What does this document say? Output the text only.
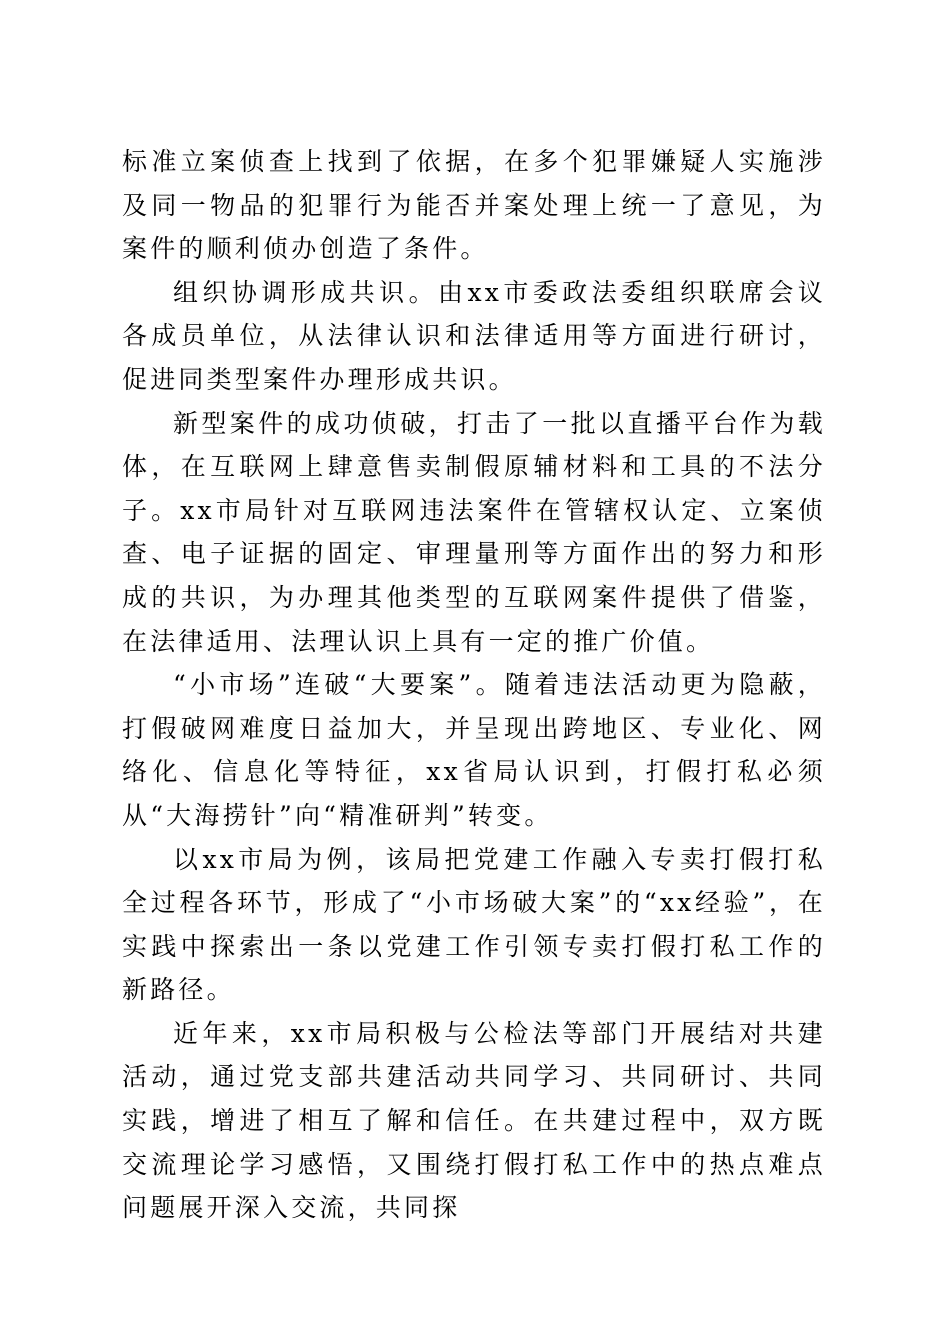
标准立案侦查上找到了依据，在多个犯罪嫌疑人实施涉及同一物品的犯罪行为能否并案处理上统一了意见，为案件的顺利侦办创造了条件。

组织协调形成共识。由xx市委政法委组织联席会议各成员单位，从法律认识和法律适用等方面进行研讨，促进同类型案件办理形成共识。

新型案件的成功侦破，打击了一批以直播平台作为载体，在互联网上肆意售卖制假原辅材料和工具的不法分子。xx市局针对互联网违法案件在管辖权认定、立案侦查、电子证据的固定、审理量刑等方面作出的努力和形成的共识，为办理其他类型的互联网案件提供了借鉴，在法律适用、法理认识上具有一定的推广价值。

“小市场”连破“大要案”。随着违法活动更为隐蔽，打假破网难度日益加大，并呈现出跨地区、专业化、网络化、信息化等特征，xx省局认识到，打假打私必须从“大海捞针”向“精准研判”转变。

以xx市局为例，该局把党建工作融入专卖打假打私全过程各环节，形成了“小市场破大案”的“xx经验”，在实践中探索出一条以党建工作引领专卖打假打私工作的新路径。

近年来，xx市局积极与公检法等部门开展结对共建活动，通过党支部共建活动共同学习、共同研讨、共同实践，增进了相互了解和信任。在共建过程中，双方既交流理论学习感悟，又围绕打假打私工作中的热点难点问题展开深入交流，共同探
